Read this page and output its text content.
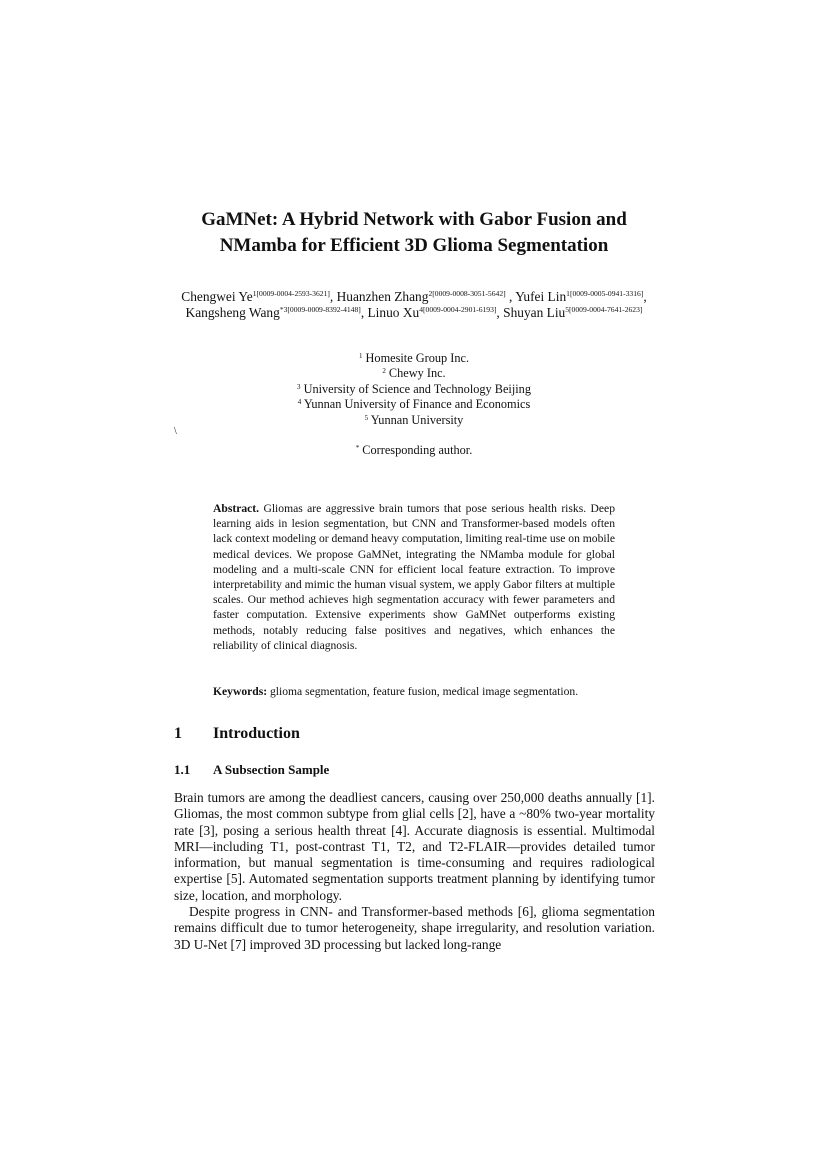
GaMNet: A Hybrid Network with Gabor Fusion and
NMamba for Efficient 3D Glioma Segmentation
Chengwei $Ye^{1[0009-0004-2593-3621]}$, Huanzhen Zhang$^{2[0009-0008-3051-5642]}$ , Yufei Lin$^{1[0009-0005-0941-3316]}$, Kangsheng Wang$^{*3[0009-0009-8392-4148]}$, Linuo $Xu^{4[0009-0004-2901-6193]}$, Shuyan Liu$^{5[0009-0004-7641-2623]}$
$^1$ Homesite Group Inc.
$^2$ Chewy Inc.
$^3$ University of Science and Technology Beijing
$^4$ Yunnan University of Finance and Economics
$^5$ Yunnan University
\
* Corresponding author.
Abstract. Gliomas are aggressive brain tumors that pose serious health risks. Deep learning aids in lesion segmentation, but CNN and Transformer-based models often lack context modeling or demand heavy computation, limiting real-time use on mobile medical devices. We propose GaMNet, integrating the NMamba module for global modeling and a multi-scale CNN for efficient local feature extraction. To improve interpretability and mimic the human visual system, we apply Gabor filters at multiple scales. Our method achieves high segmentation accuracy with fewer parameters and faster computation. Extensive experiments show GaMNet outperforms existing methods, notably reducing false positives and negatives, which enhances the reliability of clinical diagnosis.
Keywords: glioma segmentation, feature fusion, medical image segmentation.
1 Introduction
1.1 A Subsection Sample

Brain tumors are among the deadliest cancers, causing over 250,000 deaths annually [1]. Gliomas, the most common subtype from glial cells [2], have a ~80% two-year mortality rate [3], posing a serious health threat [4]. Accurate diagnosis is essential. Multimodal MRI—including T1, post-contrast T1, T2, and T2-FLAIR—provides detailed tumor information, but manual segmentation is time-consuming and requires radiological expertise [5]. Automated segmentation supports treatment planning by identifying tumor size, location, and morphology.

Despite progress in CNN- and Transformer-based methods [6], glioma segmentation remains difficult due to tumor heterogeneity, shape irregularity, and resolution variation. 3D U-Net [7] improved 3D processing but lacked long-range
